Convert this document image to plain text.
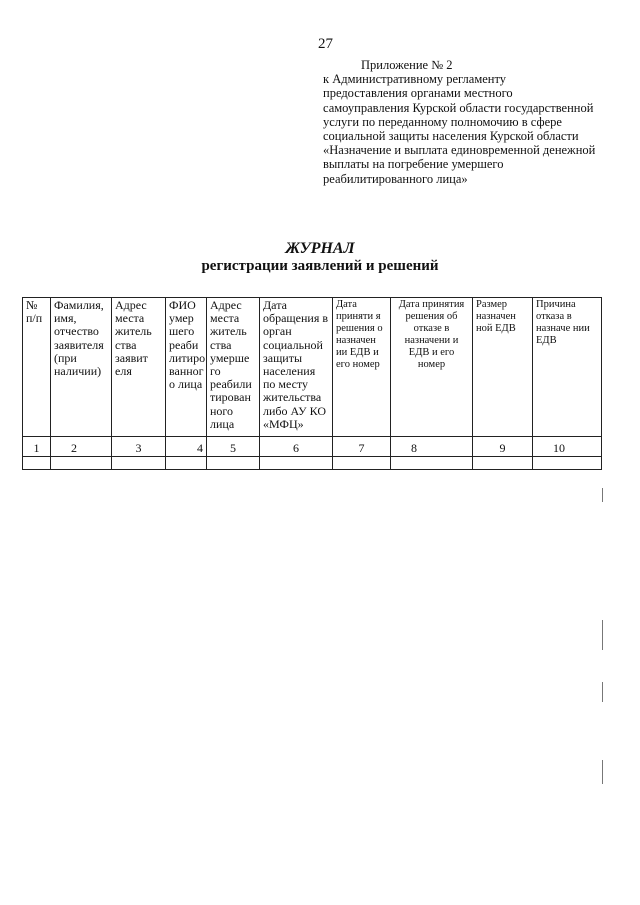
27
Приложение № 2
к Административному регламенту
предоставления органами местного
самоуправления Курской области государственной
услуги по переданному полномочию в сфере
социальной защиты населения Курской области
«Назначение и выплата единовременной денежной
выплаты на погребение умершего
реабилитированного лица»
ЖУРНАЛ
регистрации заявлений и решений
№ п/п	Фамилия, имя, отчество заявителя (при наличии)	Адрес места житель ства заявит еля	ФИО умер шего реаби литиро ванног о лица	Адрес места житель ства умерше го реабили тирован ного лица	Дата обращения в орган социальной защиты населения по месту жительства либо АУ КО «МФЦ»	Дата приняти я решения о назначен ии ЕДВ и его номер	Дата принятия решения об отказе в назначени и ЕДВ и его номер	Размер назначен ной ЕДВ	Причина отказа в назначе нии ЕДВ
1	2	3	4	5	6	7	8	9	10
